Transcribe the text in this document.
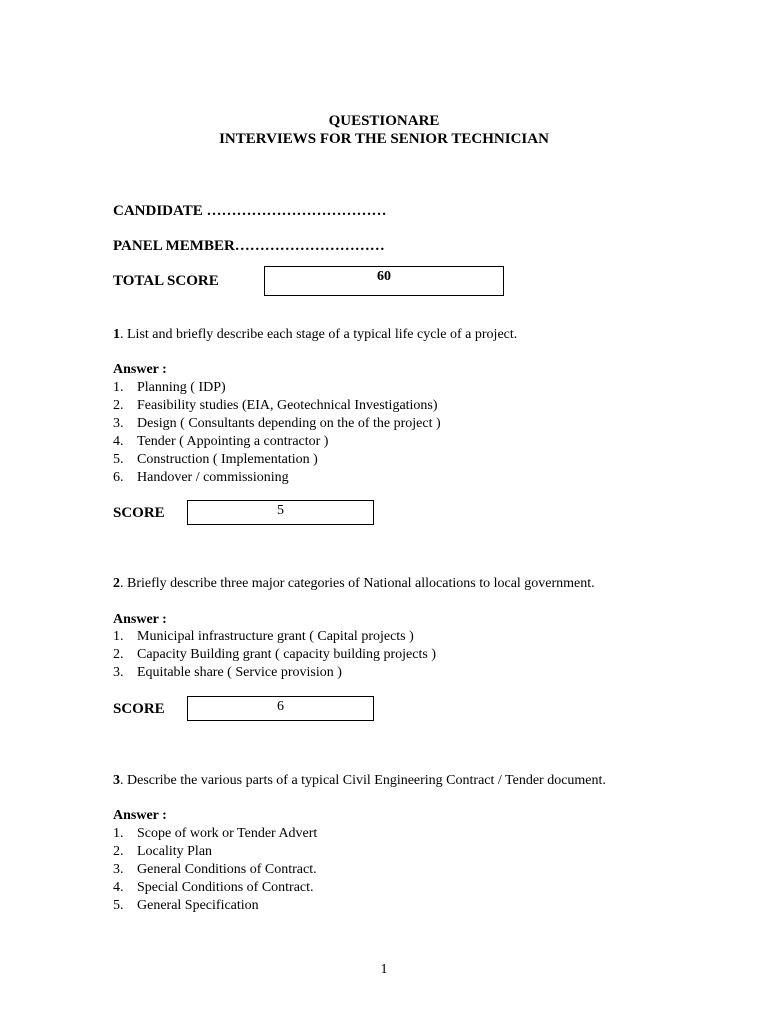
QUESTIONARE
INTERVIEWS FOR THE SENIOR TECHNICIAN
CANDIDATE ………………………………
PANEL MEMBER…………………………
TOTAL SCORE	60
1. List and briefly describe each stage of a typical life cycle of a project.
Answer :
1. Planning ( IDP)
2. Feasibility studies (EIA, Geotechnical Investigations)
3. Design ( Consultants depending on the of the project )
4. Tender ( Appointing a contractor )
5. Construction ( Implementation )
6. Handover / commissioning
SCORE	5
2. Briefly describe three major categories of National allocations to local government.
Answer :
1. Municipal infrastructure grant ( Capital projects )
2. Capacity Building grant ( capacity building projects )
3. Equitable share ( Service provision )
SCORE	6
3. Describe the various parts of a typical Civil Engineering Contract / Tender document.
Answer :
1. Scope of work or Tender Advert
2. Locality Plan
3. General Conditions of Contract.
4. Special Conditions of Contract.
5. General Specification
1
